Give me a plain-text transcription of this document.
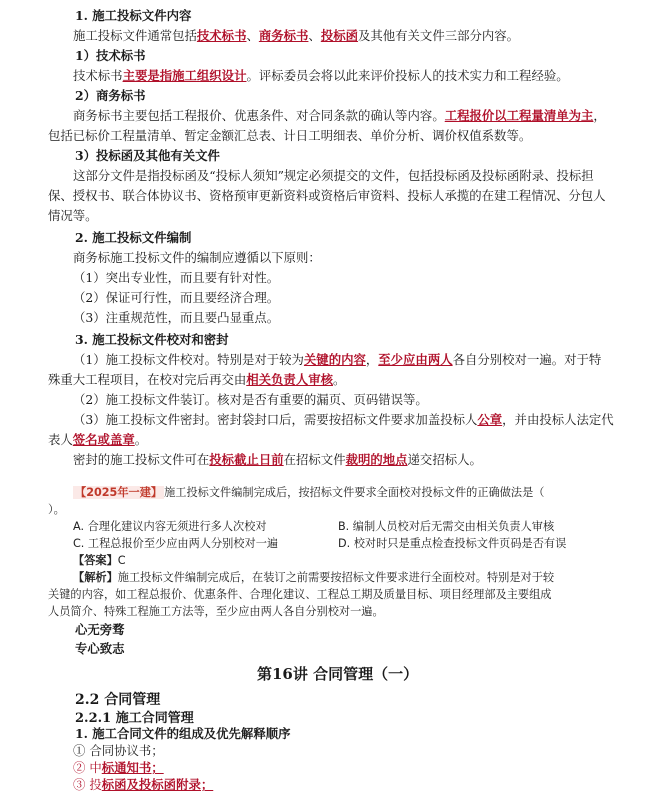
1. 施工投标文件内容
施工投标文件通常包括技术标书、商务标书、投标函及其他有关文件三部分内容。
1）技术标书
技术标书主要是指施工组织设计。评标委员会将以此来评价投标人的技术实力和工程经验。
2）商务标书
商务标书主要包括工程报价、优惠条件、对合同条款的确认等内容。工程报价以工程量清单为主，
包括已标价工程量清单、暂定金额汇总表、计日工明细表、单价分析、调价权值系数等。
3）投标函及其他有关文件
这部分文件是指投标函及“投标人须知”规定必须提交的文件，包括投标函及投标函附录、投标担
保、授权书、联合体协议书、资格预审更新资料或资格后审资料、投标人承揽的在建工程情况、分包人
情况等。
2. 施工投标文件编制
商务标施工投标文件的编制应遵循以下原则：
（1）突出专业性，而且要有针对性。
（2）保证可行性，而且要经济合理。
（3）注重规范性，而且要凸显重点。
3. 施工投标文件校对和密封
（1）施工投标文件校对。特别是对于较为关键的内容，至少应由两人各自分别校对一遍。对于特
殊重大工程项目，在校对完后再交由相关负责人审核。
（2）施工投标文件装订。核对是否有重要的漏页、页码错误等。
（3）施工投标文件密封。密封袋封口后，需要按招标文件要求加盖投标人公章，并由投标人法定代
表人签名或盖章。
密封的施工投标文件可在投标截止日前在招标文件裁明的地点递交招标人。
【2025年一建】 施工投标文件编制完成后，按招标文件要求全面校对投标文件的正确做法是（
）。
A. 合理化建议内容无须进行多人次校对	B. 编制人员校对后无需交由相关负责人审核
C. 工程总报价至少应由两人分别校对一遍	D. 校对时只是重点检查投标文件页码是否有误
【答案】C
【解析】施工投标文件编制完成后，在装订之前需要按招标文件要求进行全面校对。特别是对于较
关键的内容，如工程总报价、优惠条件、合理化建议、工程总工期及质量目标、项目经理部及主要组成
人员简介、特殊工程施工方法等，至少应由两人各自分别校对一遍。
心无旁骛
专心致志
第16讲 合同管理（一）
2.2 合同管理
2.2.1 施工合同管理
1. 施工合同文件的组成及优先解释顺序
① 合同协议书；
② 中标通知书；
③ 投标函及投标函附录；
